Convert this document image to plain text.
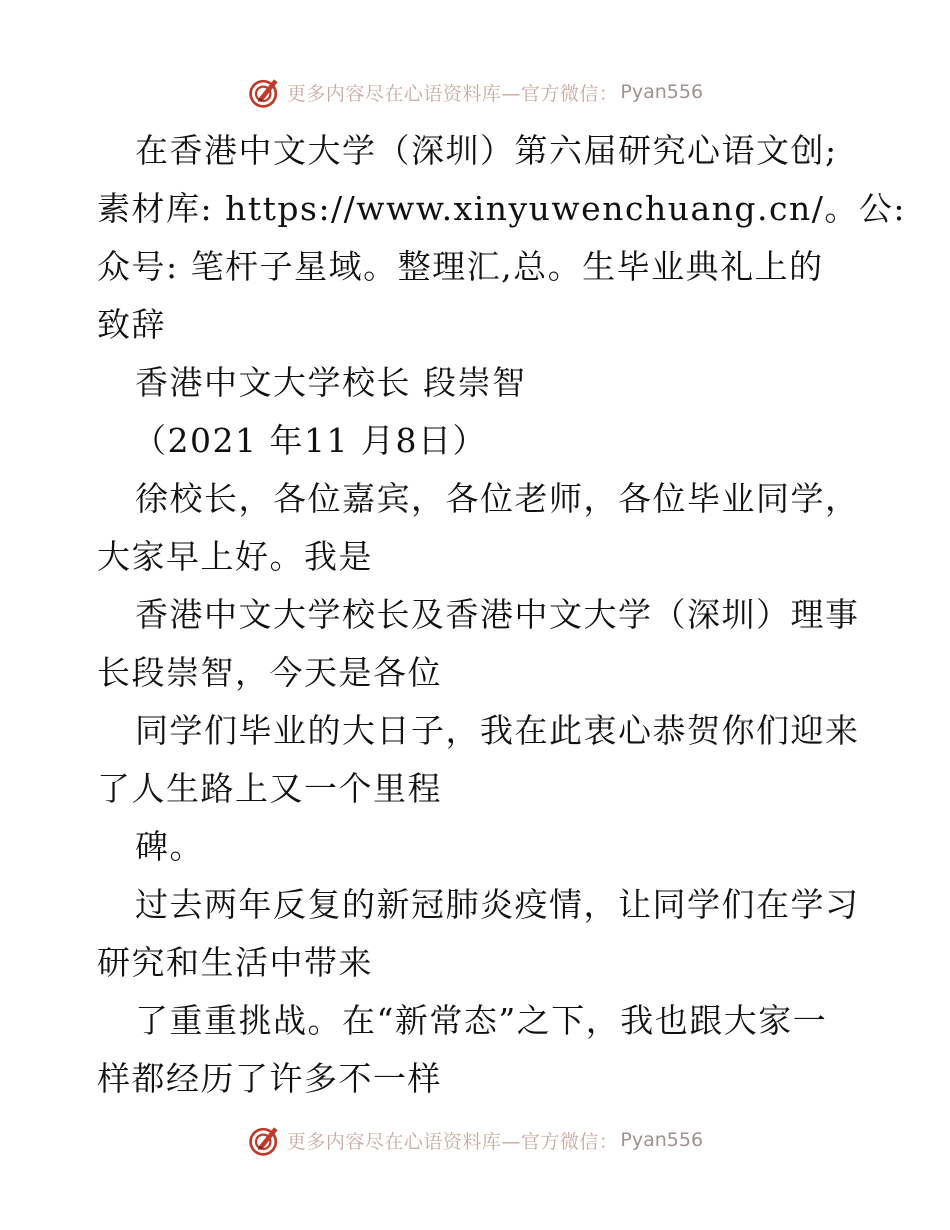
更多内容尽在心语资料库—官方微信： Pyan556
在香港中文大学（深圳）第六届研究心语文创;
素材库: https://www.xinyuwenchuang.cn/。公:
众号: 笔杆子星域。整理汇,总。生毕业典礼上的
致辞
香港中文大学校长 段崇智
（2021 年11 月8日）
徐校长，各位嘉宾，各位老师，各位毕业同学，
大家早上好。我是
香港中文大学校长及香港中文大学（深圳）理事
长段崇智，今天是各位
同学们毕业的大日子，我在此衷心恭贺你们迎来
了人生路上又一个里程
碑。
过去两年反复的新冠肺炎疫情，让同学们在学习
研究和生活中带来
了重重挑战。在“新常态”之下，我也跟大家一
样都经历了许多不一样
更多内容尽在心语资料库—官方微信： Pyan556
